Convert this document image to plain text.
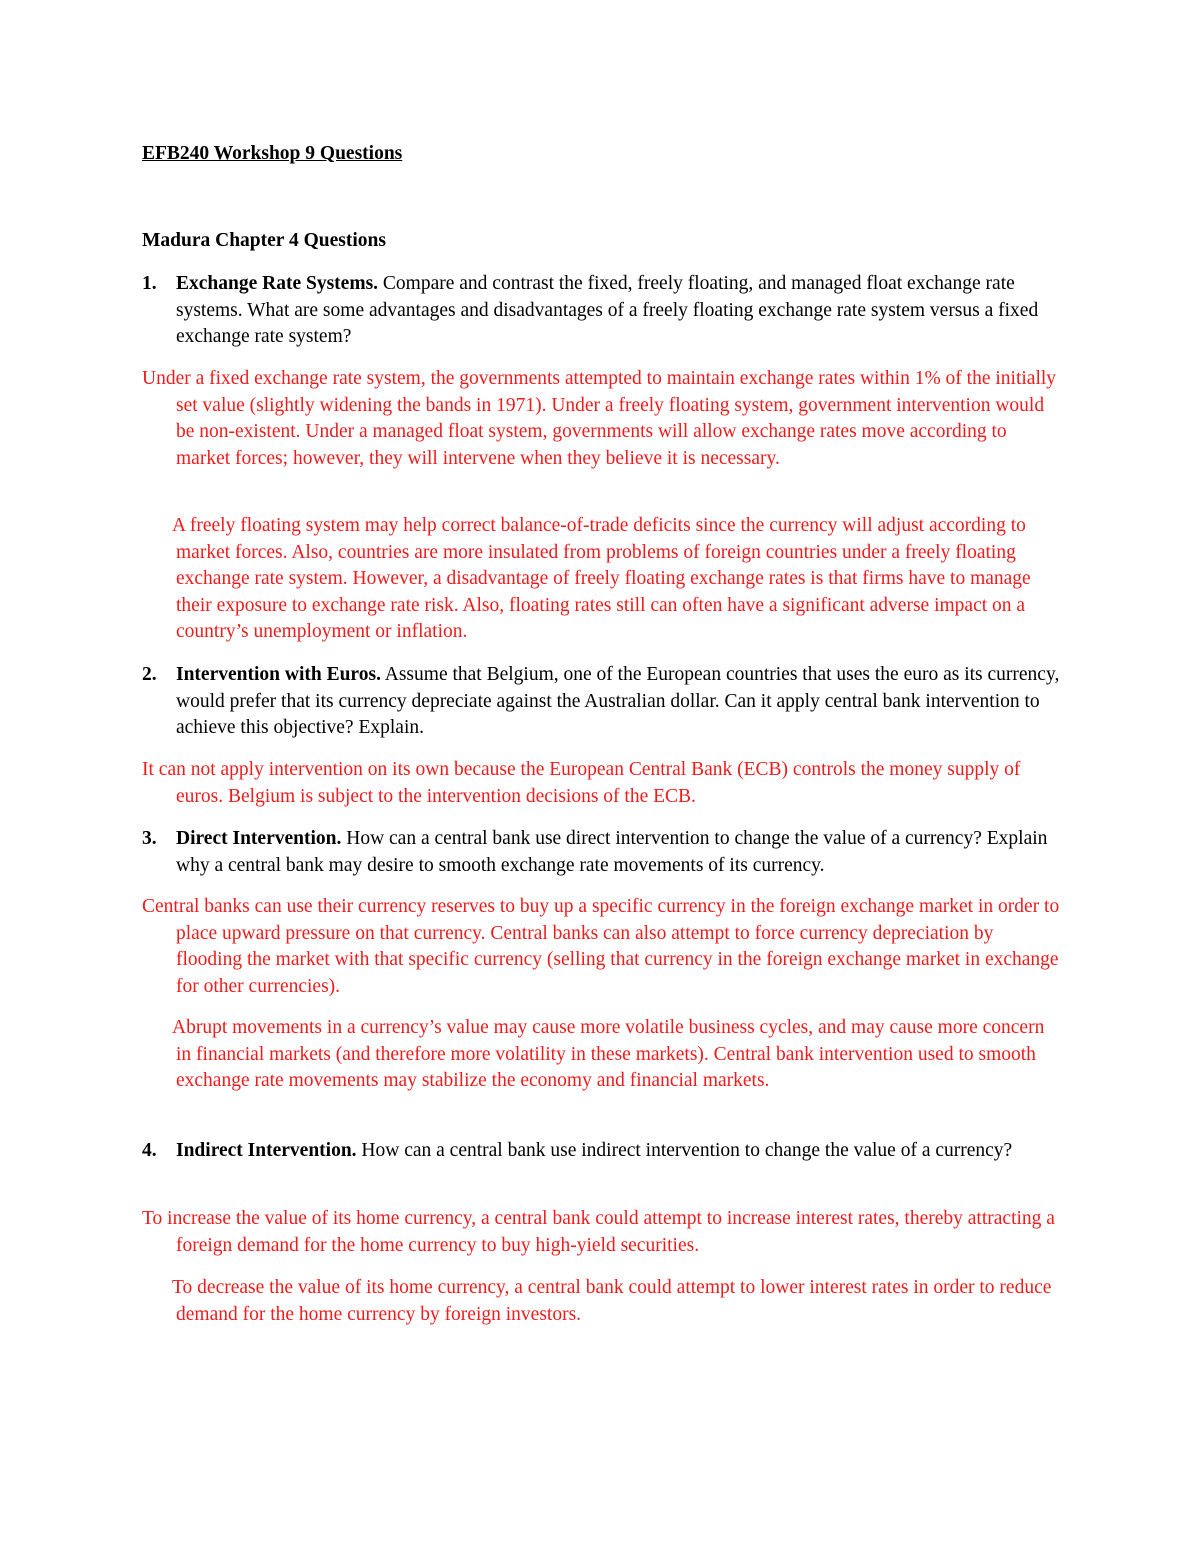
EFB240 Workshop 9 Questions
Madura Chapter 4 Questions

1. Exchange Rate Systems. Compare and contrast the fixed, freely floating, and managed float exchange rate systems. What are some advantages and disadvantages of a freely floating exchange rate system versus a fixed exchange rate system?

Under a fixed exchange rate system, the governments attempted to maintain exchange rates within 1% of the initially set value (slightly widening the bands in 1971). Under a freely floating system, government intervention would be non-existent. Under a managed float system, governments will allow exchange rates move according to market forces; however, they will intervene when they believe it is necessary.

A freely floating system may help correct balance-of-trade deficits since the currency will adjust according to market forces. Also, countries are more insulated from problems of foreign countries under a freely floating exchange rate system. However, a disadvantage of freely floating exchange rates is that firms have to manage their exposure to exchange rate risk. Also, floating rates still can often have a significant adverse impact on a country’s unemployment or inflation.

2. Intervention with Euros. Assume that Belgium, one of the European countries that uses the euro as its currency, would prefer that its currency depreciate against the Australian dollar. Can it apply central bank intervention to achieve this objective? Explain.

It can not apply intervention on its own because the European Central Bank (ECB) controls the money supply of euros. Belgium is subject to the intervention decisions of the ECB.

3. Direct Intervention. How can a central bank use direct intervention to change the value of a currency? Explain why a central bank may desire to smooth exchange rate movements of its currency.

Central banks can use their currency reserves to buy up a specific currency in the foreign exchange market in order to place upward pressure on that currency. Central banks can also attempt to force currency depreciation by flooding the market with that specific currency (selling that currency in the foreign exchange market in exchange for other currencies).

Abrupt movements in a currency’s value may cause more volatile business cycles, and may cause more concern in financial markets (and therefore more volatility in these markets). Central bank intervention used to smooth exchange rate movements may stabilize the economy and financial markets.

4. Indirect Intervention. How can a central bank use indirect intervention to change the value of a currency?

To increase the value of its home currency, a central bank could attempt to increase interest rates, thereby attracting a foreign demand for the home currency to buy high-yield securities.

To decrease the value of its home currency, a central bank could attempt to lower interest rates in order to reduce demand for the home currency by foreign investors.
